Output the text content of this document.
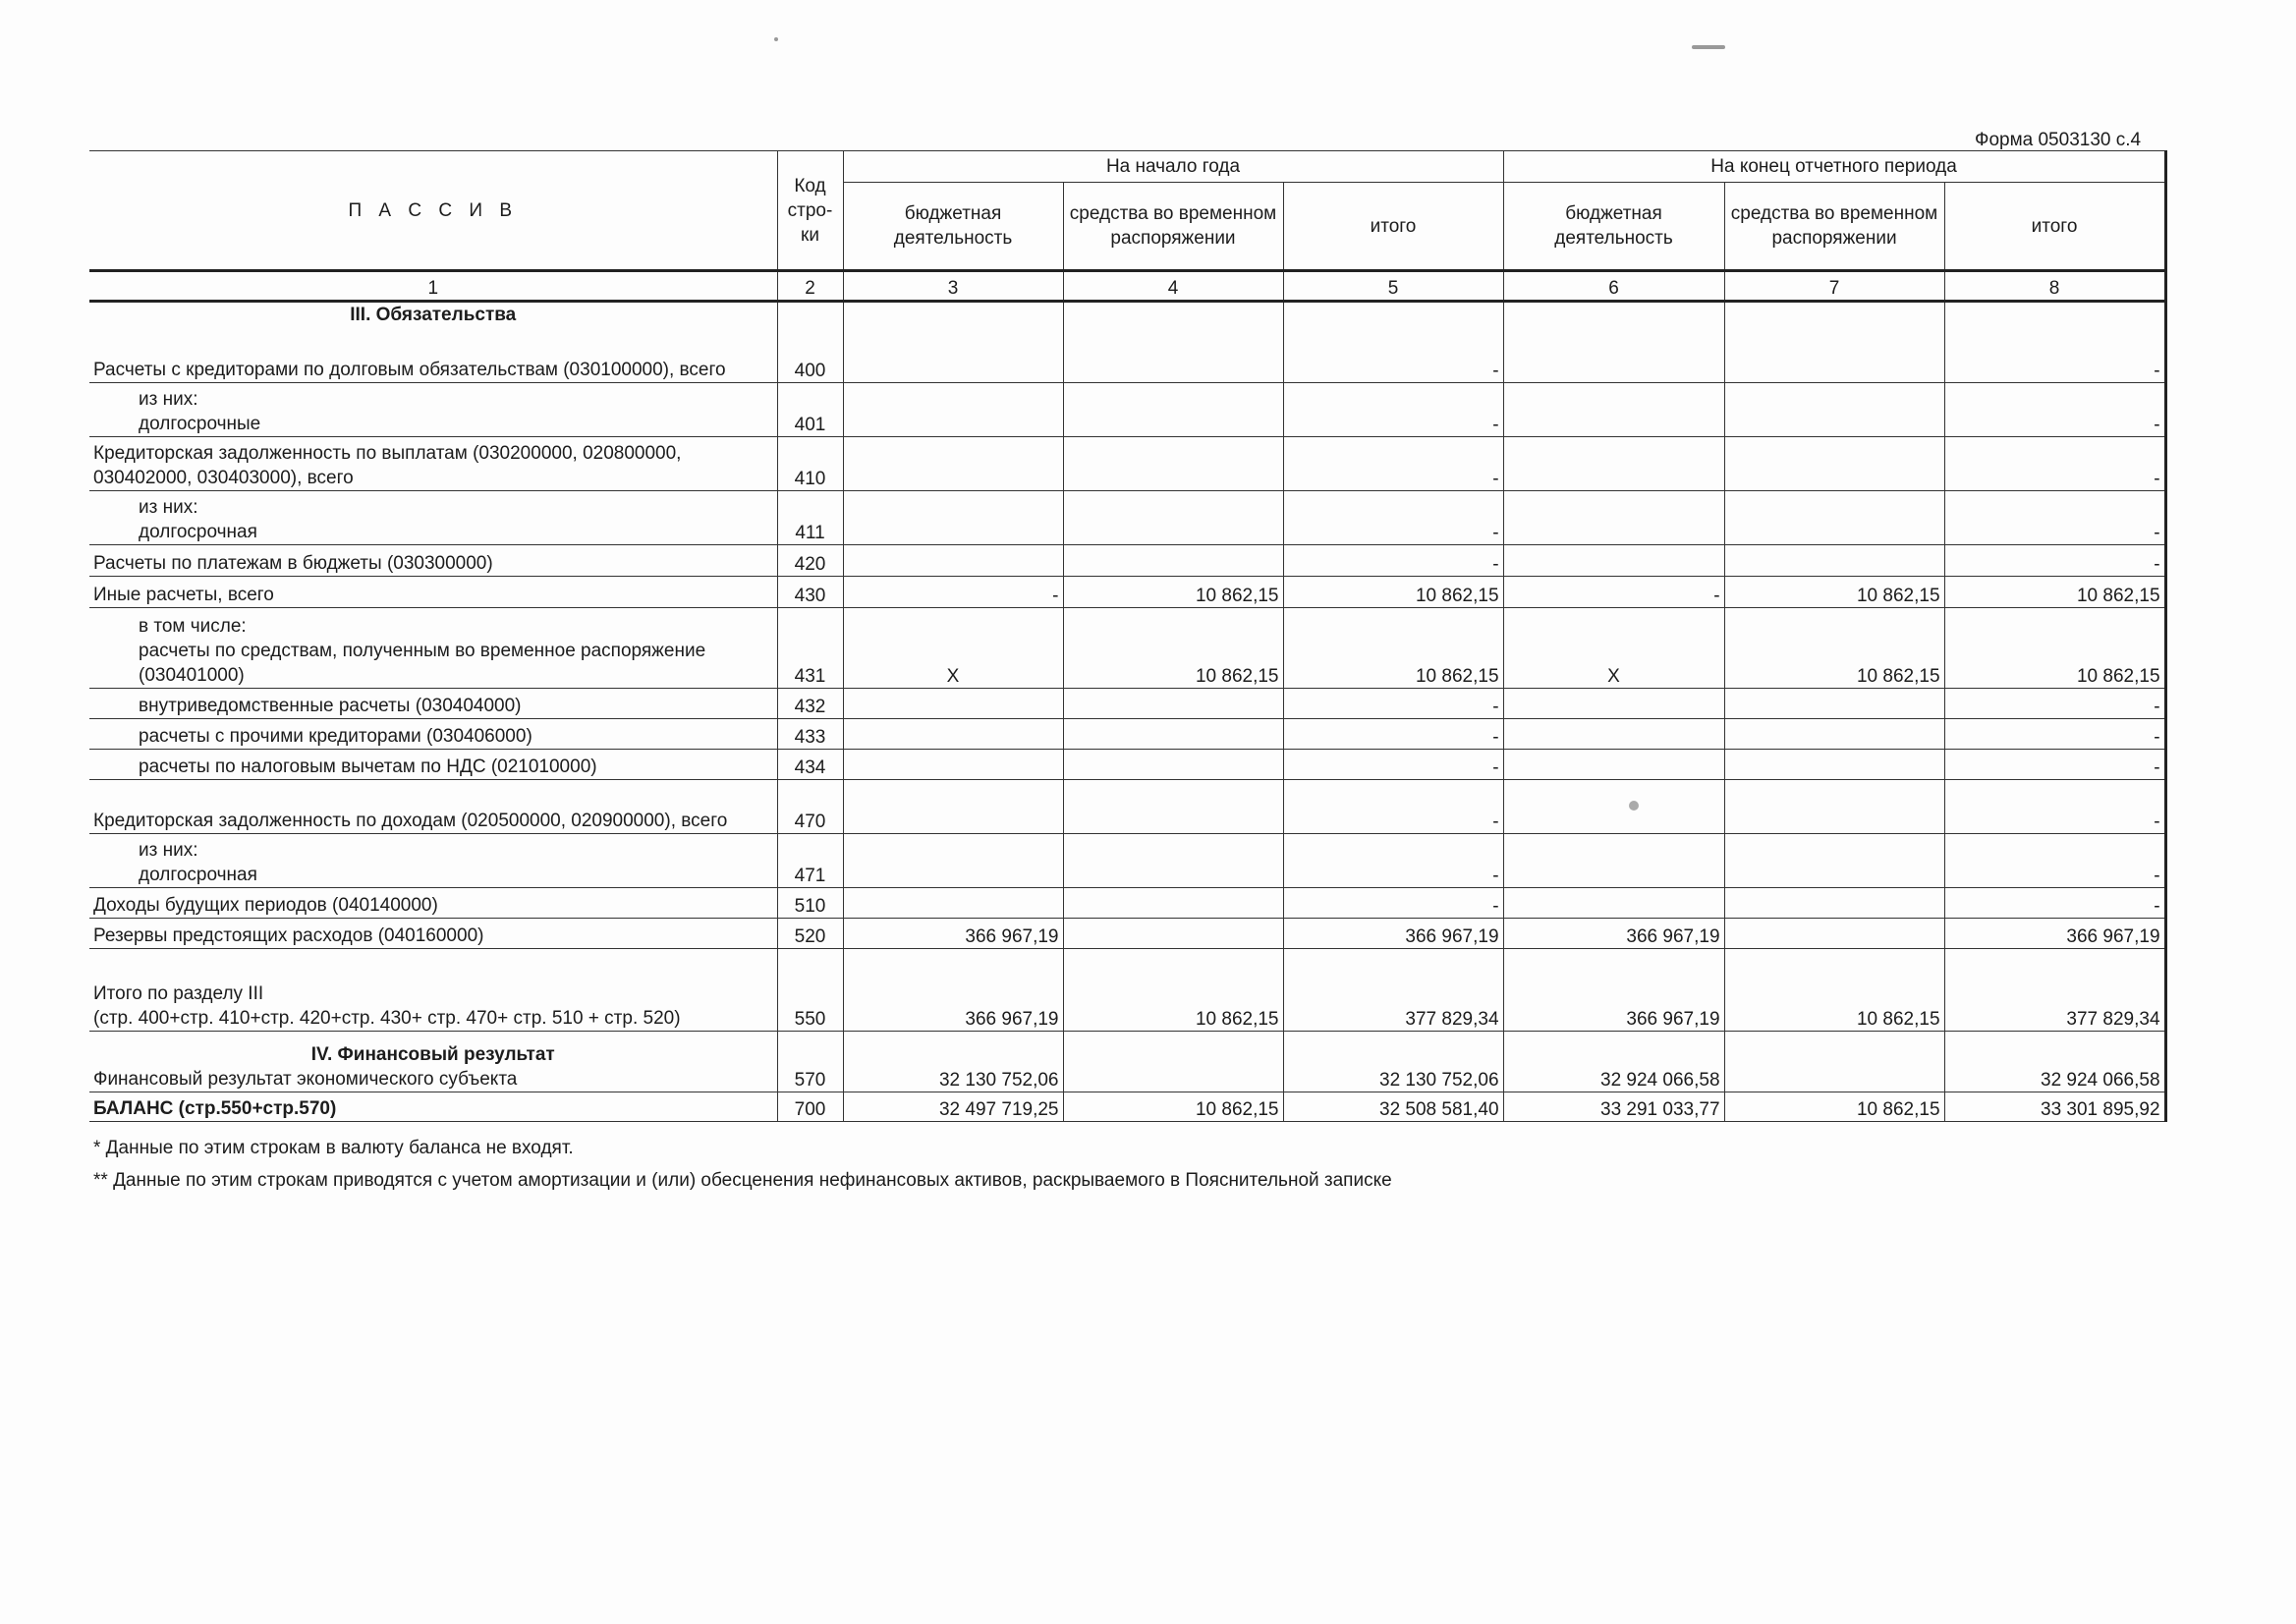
Форма 0503130 с.4
П А С С И В	Код стро- ки	На начало года			На конец отчетного периода		
		бюджетная деятельность	средства во временном распоряжении	итого	бюджетная деятельность	средства во временном распоряжении	итого
1	2	3	4	5	6	7	8
III. Обязательства							
Расчеты с кредиторами по долговым обязательствам (030100000), всего	400			-			-
из них:
долгосрочные	401			-			-
Кредиторская задолженность по выплатам (030200000, 020800000, 030402000, 030403000), всего	410			-			-
из них:
долгосрочная	411			-			-
Расчеты по платежам в бюджеты (030300000)	420			-			-
Иные расчеты, всего	430	-	10 862,15	10 862,15	-	10 862,15	10 862,15
в том числе:
расчеты по средствам, полученным во временное распоряжение (030401000)	431	X	10 862,15	10 862,15	X	10 862,15	10 862,15
внутриведомственные расчеты (030404000)	432			-			-
расчеты с прочими кредиторами (030406000)	433			-			-
расчеты по налоговым вычетам по НДС (021010000)	434			-			-
Кредиторская задолженность по доходам (020500000, 020900000), всего	470			-			-
из них:
долгосрочная	471			-			-
Доходы будущих периодов (040140000)	510			-			-
Резервы предстоящих расходов (040160000)	520	366 967,19		366 967,19	366 967,19		366 967,19

Итого по разделу III
(стр. 400+стр. 410+стр. 420+стр. 430+ стр. 470+ стр. 510 + стр. 520)	550	366 967,19	10 862,15	377 829,34	366 967,19	10 862,15	377 829,34

IV. Финансовый результат
Финансовый результат экономического субъекта	570	32 130 752,06		32 130 752,06	32 924 066,58		32 924 066,58
БАЛАНС (стр.550+стр.570)	700	32 497 719,25	10 862,15	32 508 581,40	33 291 033,77	10 862,15	33 301 895,92
* Данные по этим строкам в валюту баланса не входят.
** Данные по этим строкам приводятся с учетом амортизации и (или) обесценения нефинансовых активов, раскрываемого в Пояснительной записке
